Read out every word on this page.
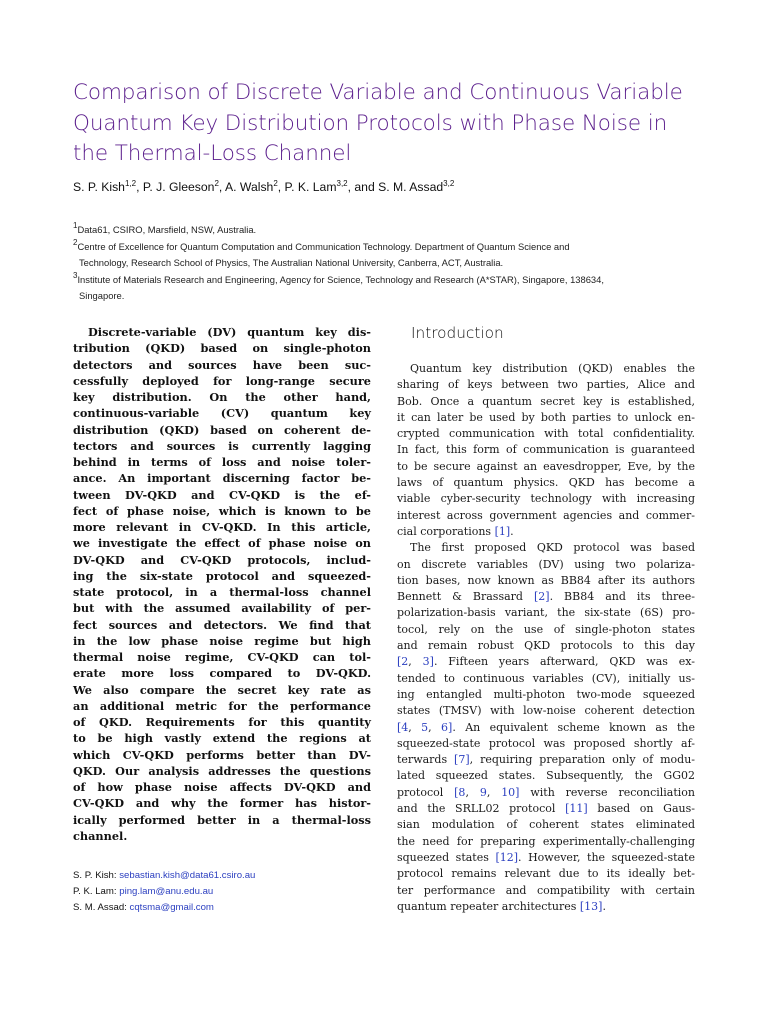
Comparison of Discrete Variable and Continuous Variable
Quantum Key Distribution Protocols with Phase Noise in
the Thermal-Loss Channel
S. P. Kish$^{1,2}$, P. J. Gleeson$^2$, A. Walsh$^2$, P. K. Lam$^{3,2}$, and S. M. Assad$^{3,2}$
$^1$Data61, CSIRO, Marsfield, NSW, Australia.
$^2$Centre of Excellence for Quantum Computation and Communication Technology. Department of Quantum Science and
Technology, Research School of Physics, The Australian National University, Canberra, ACT, Australia.
$^3$Institute of Materials Research and Engineering, Agency for Science, Technology and Research (A*STAR), Singapore, 138634,
Singapore.
Discrete-variable (DV) quantum key dis-
tribution (QKD) based on single-photon
detectors and sources have been suc-
cessfully deployed for long-range secure
key distribution. On the other hand,
continuous-variable (CV) quantum key
distribution (QKD) based on coherent de-
tectors and sources is currently lagging
behind in terms of loss and noise toler-
ance. An important discerning factor be-
tween DV-QKD and CV-QKD is the ef-
fect of phase noise, which is known to be
more relevant in CV-QKD. In this article,
we investigate the effect of phase noise on
DV-QKD and CV-QKD protocols, includ-
ing the six-state protocol and squeezed-
state protocol, in a thermal-loss channel
but with the assumed availability of per-
fect sources and detectors. We find that
in the low phase noise regime but high
thermal noise regime, CV-QKD can tol-
erate more loss compared to DV-QKD.
We also compare the secret key rate as
an additional metric for the performance
of QKD. Requirements for this quantity
to be high vastly extend the regions at
which CV-QKD performs better than DV-
QKD. Our analysis addresses the questions
of how phase noise affects DV-QKD and
CV-QKD and why the former has histor-
ically performed better in a thermal-loss
channel.
S. P. Kish: sebastian.kish@data61.csiro.au
P. K. Lam: ping.lam@anu.edu.au
S. M. Assad: cqtsma@gmail.com
Introduction
Quantum key distribution (QKD) enables the
sharing of keys between two parties, Alice and
Bob. Once a quantum secret key is established,
it can later be used by both parties to unlock en-
crypted communication with total confidentiality.
In fact, this form of communication is guaranteed
to be secure against an eavesdropper, Eve, by the
laws of quantum physics. QKD has become a
viable cyber-security technology with increasing
interest across government agencies and commer-
cial corporations [1].
The first proposed QKD protocol was based
on discrete variables (DV) using two polariza-
tion bases, now known as BB84 after its authors
Bennett & Brassard [2]. BB84 and its three-
polarization-basis variant, the six-state (6S) pro-
tocol, rely on the use of single-photon states
and remain robust QKD protocols to this day
[2, 3]. Fifteen years afterward, QKD was ex-
tended to continuous variables (CV), initially us-
ing entangled multi-photon two-mode squeezed
states (TMSV) with low-noise coherent detection
[4, 5, 6]. An equivalent scheme known as the
squeezed-state protocol was proposed shortly af-
terwards [7], requiring preparation only of modu-
lated squeezed states. Subsequently, the GG02
protocol [8, 9, 10] with reverse reconciliation
and the SRLL02 protocol [11] based on Gaus-
sian modulation of coherent states eliminated
the need for preparing experimentally-challenging
squeezed states [12]. However, the squeezed-state
protocol remains relevant due to its ideally bet-
ter performance and compatibility with certain
quantum repeater architectures [13].
